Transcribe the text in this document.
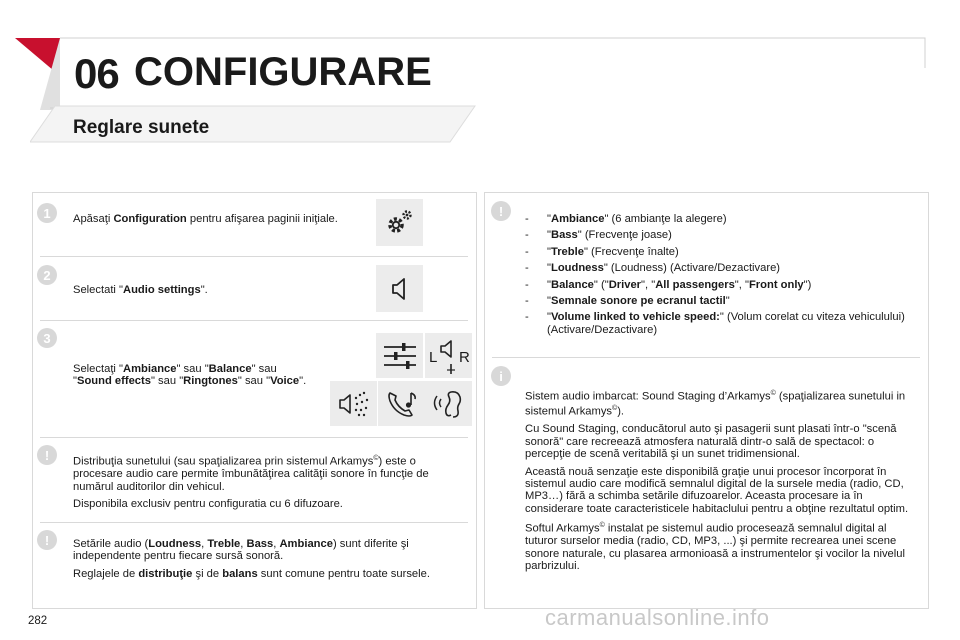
06 CONFIGURARE
Reglare sunete
1	Apăsaţi Configuration pentru afişarea paginii iniţiale.
2
Selectati "Audio settings".
3
Selectaţi "Ambiance" sau "Balance" sau "Sound effects" sau "Ringtones" sau "Voice".
L R
!	Distribuţia sunetului (sau spaţializarea prin sistemul Arkamys©) este o procesare audio care permite îmbunătăţirea calităţii sonore în funcţie de numărul auditorilor din vehicul.

Disponibila exclusiv pentru configuratia cu 6 difuzoare.

!	Setările audio (Loudness, Treble, Bass, Ambiance) sunt diferite şi independente pentru fiecare sursă sonoră.

Reglajele de distribuţie şi de balans sunt comune pentru toate sursele.

!
-	"Ambiance" (6 ambianţe la alegere)
-	"Bass" (Frecvenţe joase)
-	"Treble" (Frecvenţe înalte)
-	"Loudness" (Loudness) (Activare/Dezactivare)
-	"Balance" ("Driver", "All passengers", "Front only")
-	"Semnale sonore pe ecranul tactil"
-	"Volume linked to vehicle speed:" (Volum corelat cu viteza vehiculului) (Activare/Dezactivare)
i

Sistem audio imbarcat: Sound Staging d’Arkamys© (spaţializarea sunetului in sistemul Arkamys©).

Cu Sound Staging, conducătorul auto şi pasagerii sunt plasati într-o "scenă sonoră" care recreează atmosfera naturală dintr-o sală de spectacol: o percepţie de scenă veritabilă şi un sunet tridimensional.

Această nouă senzaţie este disponibilă graţie unui procesor încorporat în sistemul audio care modifică semnalul digital de la sursele media (radio, CD, MP3…) fără a schimba setările difuzoarelor. Aceasta procesare ia în considerare toate caracteristicele habitaclului pentru a obţine rezultatul optim.

Softul Arkamys© instalat pe sistemul audio procesează semnalul digital al tuturor surselor media (radio, CD, MP3, ...) şi permite recrearea unei scene sonore naturale, cu plasarea armonioasă a instrumentelor şi vocilor la nivelul parbrizului.

282	carmanualsonline.info
